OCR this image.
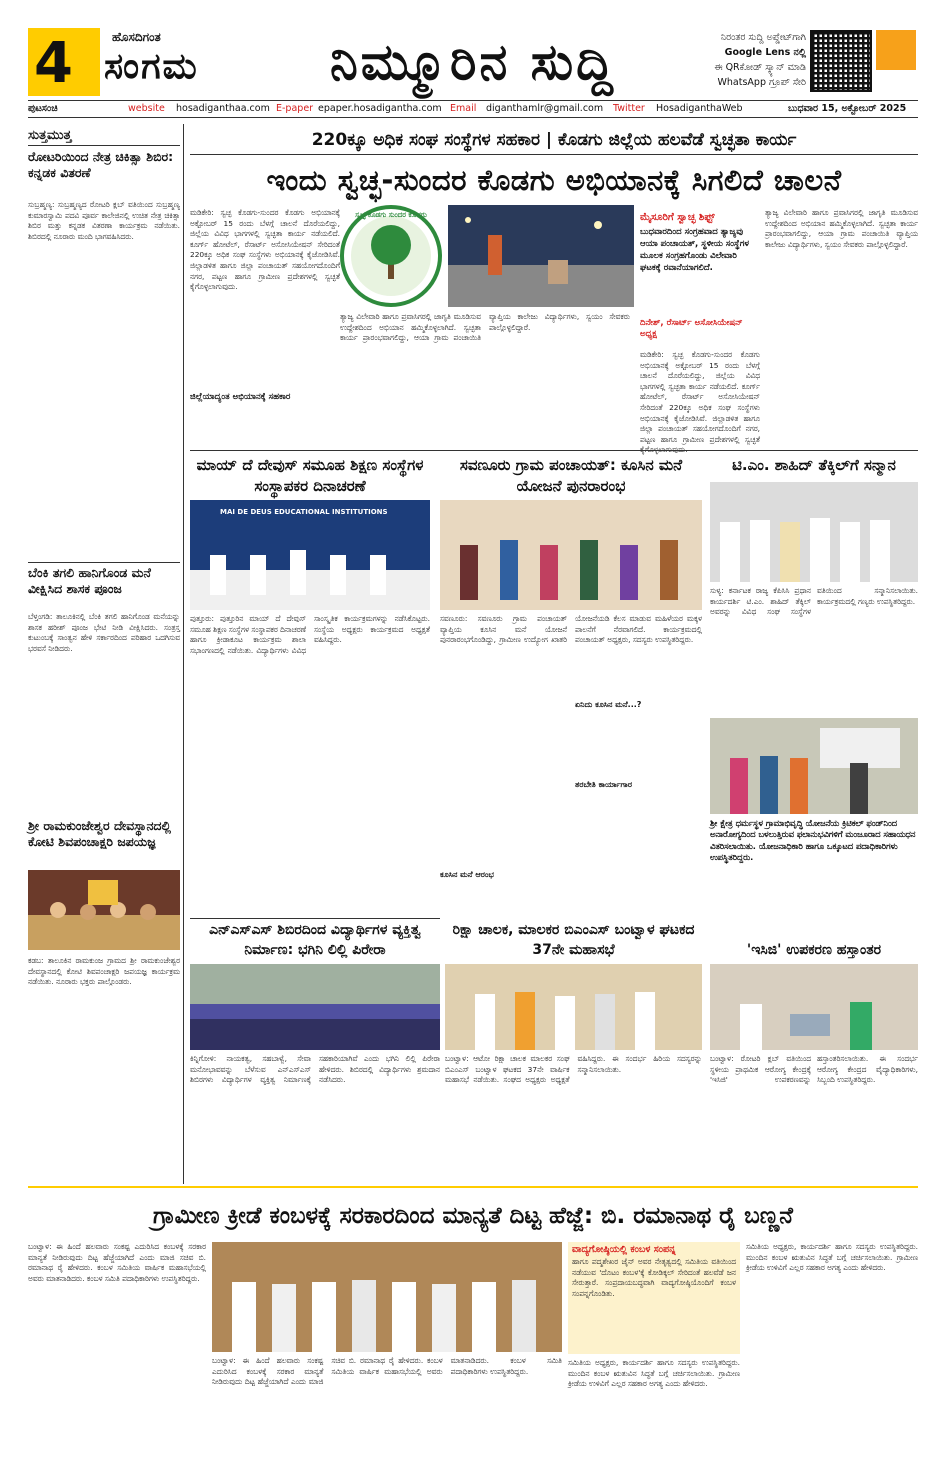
4	ಹೊಸದಿಗಂತ
ಸಂಗಮ	ನಿಮ್ಮೂರಿನ ಸುದ್ದಿ	ನಿರಂತರ ಸುದ್ದಿ ಅಪ್ಡೇಟ್‌ಗಾಗಿ
Google Lens ನಲ್ಲಿ
ಈ QRಕೋಡ್ ಸ್ಕ್ಯಾನ್ ಮಾಡಿ
WhatsApp ಗ್ರೂಪ್ ಸೇರಿ
ಪುಟಸಂಚಿ	website hosadiganthaa.com E-paper epaper.hosadigantha.com Email diganthamlr@gmail.com Twitter HosadiganthaWeb	ಬುಧವಾರ 15, ಅಕ್ಟೋಬರ್ 2025
ಸುತ್ತಮುತ್ತ
ರೋಟರಿಯಿಂದ ನೇತ್ರ ಚಿಕಿತ್ಸಾ ಶಿಬಿರ: ಕನ್ನಡಕ ವಿತರಣೆ
ಸುಬ್ರಹ್ಮಣ್ಯ: ಸುಬ್ರಹ್ಮಣ್ಯದ ರೋಟರಿ ಕ್ಲಬ್ ವತಿಯಿಂದ ಸುಬ್ರಹ್ಮಣ್ಯ ಕುಮಾರಸ್ವಾಮಿ ಪದವಿ ಪೂರ್ವ ಕಾಲೇಜಿನಲ್ಲಿ ಉಚಿತ ನೇತ್ರ ಚಿಕಿತ್ಸಾ ಶಿಬಿರ ಮತ್ತು ಕನ್ನಡಕ ವಿತರಣಾ ಕಾರ್ಯಕ್ರಮ ನಡೆಯಿತು. ಶಿಬಿರದಲ್ಲಿ ನೂರಾರು ಮಂದಿ ಭಾಗವಹಿಸಿದರು.
ಬೆಂಕಿ ತಗಲಿ ಹಾನಿಗೊಂಡ ಮನೆ ವೀಕ್ಷಿಸಿದ ಶಾಸಕ ಪೂಂಜ
ಬೆಳ್ತಂಗಡಿ: ತಾಲೂಕಿನಲ್ಲಿ ಬೆಂಕಿ ತಗಲಿ ಹಾನಿಗೊಂಡ ಮನೆಯನ್ನು ಶಾಸಕ ಹರೀಶ್ ಪೂಂಜ ಭೇಟಿ ನೀಡಿ ವೀಕ್ಷಿಸಿದರು. ಸಂತ್ರಸ್ತ ಕುಟುಂಬಕ್ಕೆ ಸಾಂತ್ವನ ಹೇಳಿ ಸರ್ಕಾರದಿಂದ ಪರಿಹಾರ ಒದಗಿಸುವ ಭರವಸೆ ನೀಡಿದರು.
ಶ್ರೀ ರಾಮಕುಂಜೇಶ್ವರ ದೇವಸ್ಥಾನದಲ್ಲಿ ಕೋಟಿ ಶಿವಪಂಚಾಕ್ಷರಿ ಜಪಯಜ್ಞ
ಕಡಬ: ತಾಲೂಕಿನ ರಾಮಕುಂಜ ಗ್ರಾಮದ ಶ್ರೀ ರಾಮಕುಂಜೇಶ್ವರ ದೇವಸ್ಥಾನದಲ್ಲಿ ಕೋಟಿ ಶಿವಪಂಚಾಕ್ಷರಿ ಜಪಯಜ್ಞ ಕಾರ್ಯಕ್ರಮ ನಡೆಯಿತು. ನೂರಾರು ಭಕ್ತರು ಪಾಲ್ಗೊಂಡರು.
220ಕ್ಕೂ ಅಧಿಕ ಸಂಘ ಸಂಸ್ಥೆಗಳ ಸಹಕಾರ | ಕೊಡಗು ಜಿಲ್ಲೆಯ ಹಲವೆಡೆ ಸ್ವಚ್ಛತಾ ಕಾರ್ಯ
ಇಂದು ಸ್ವಚ್ಛ-ಸುಂದರ ಕೊಡಗು ಅಭಿಯಾನಕ್ಕೆ ಸಿಗಲಿದೆ ಚಾಲನೆ
ಮಡಿಕೇರಿ: ಸ್ವಚ್ಛ ಕೊಡಗು-ಸುಂದರ ಕೊಡಗು ಅಭಿಯಾನಕ್ಕೆ ಅಕ್ಟೋಬರ್ 15 ರಂದು ಬೆಳಗ್ಗೆ ಚಾಲನೆ ದೊರೆಯಲಿದ್ದು, ಜಿಲ್ಲೆಯ ವಿವಿಧ ಭಾಗಗಳಲ್ಲಿ ಸ್ವಚ್ಛತಾ ಕಾರ್ಯ ನಡೆಯಲಿದೆ. ಕೂರ್ಗ್ ಹೋಟೆಲ್, ರೆಸಾರ್ಟ್ ಅಸೋಸಿಯೇಷನ್ ಸೇರಿದಂತೆ 220ಕ್ಕೂ ಅಧಿಕ ಸಂಘ ಸಂಸ್ಥೆಗಳು ಅಭಿಯಾನಕ್ಕೆ ಕೈಜೋಡಿಸಿವೆ. ಜಿಲ್ಲಾಡಳಿತ ಹಾಗೂ ಜಿಲ್ಲಾ ಪಂಚಾಯತ್ ಸಹಯೋಗದೊಂದಿಗೆ ನಗರ, ಪಟ್ಟಣ ಹಾಗೂ ಗ್ರಾಮೀಣ ಪ್ರದೇಶಗಳಲ್ಲಿ ಸ್ವಚ್ಛತೆ ಕೈಗೊಳ್ಳಲಾಗುವುದು.
ಸ್ವಚ್ಛ ಕೊಡಗು ಸುಂದರ ಕೊಡಗು
ತ್ಯಾಜ್ಯ ವಿಲೇವಾರಿ ಹಾಗೂ ಪ್ರವಾಸಿಗರಲ್ಲಿ ಜಾಗೃತಿ ಮೂಡಿಸುವ ಉದ್ದೇಶದಿಂದ ಅಭಿಯಾನ ಹಮ್ಮಿಕೊಳ್ಳಲಾಗಿದೆ. ಸ್ವಚ್ಛತಾ ಕಾರ್ಯ ಪ್ರಾರಂಭವಾಗಲಿದ್ದು, ಆಯಾ ಗ್ರಾಮ ಪಂಚಾಯಿತಿ ವ್ಯಾಪ್ತಿಯ ಕಾಲೇಜು ವಿದ್ಯಾರ್ಥಿಗಳು, ಸ್ವಯಂ ಸೇವಕರು ಪಾಲ್ಗೊಳ್ಳಲಿದ್ದಾರೆ.
ಮೈಸೂರಿಗೆ ಸ್ವಾಚ್ಛ ಶಿಫ್ಟ್
ಬುಧವಾರದಿಂದ ಸಂಗ್ರಹವಾದ ತ್ಯಾಜ್ಯವು ಆಯಾ ಪಂಚಾಯತ್, ಸ್ಥಳೀಯ ಸಂಸ್ಥೆಗಳ ಮೂಲಕ ಸಂಗ್ರಹಗೊಂಡು ವಿಲೇವಾರಿ ಘಟಕಕ್ಕೆ ರವಾನೆಯಾಗಲಿದೆ.
ದಿನೇಶ್, ರೆಸಾರ್ಟ್ ಅಸೋಸಿಯೇಷನ್ ಅಧ್ಯಕ್ಷ
ತ್ಯಾಜ್ಯ ವಿಲೇವಾರಿ ಹಾಗೂ ಪ್ರವಾಸಿಗರಲ್ಲಿ ಜಾಗೃತಿ ಮೂಡಿಸುವ ಉದ್ದೇಶದಿಂದ ಅಭಿಯಾನ ಹಮ್ಮಿಕೊಳ್ಳಲಾಗಿದೆ. ಸ್ವಚ್ಛತಾ ಕಾರ್ಯ ಪ್ರಾರಂಭವಾಗಲಿದ್ದು, ಆಯಾ ಗ್ರಾಮ ಪಂಚಾಯಿತಿ ವ್ಯಾಪ್ತಿಯ ಕಾಲೇಜು ವಿದ್ಯಾರ್ಥಿಗಳು, ಸ್ವಯಂ ಸೇವಕರು ಪಾಲ್ಗೊಳ್ಳಲಿದ್ದಾರೆ.
ಮಡಿಕೇರಿ: ಸ್ವಚ್ಛ ಕೊಡಗು-ಸುಂದರ ಕೊಡಗು ಅಭಿಯಾನಕ್ಕೆ ಅಕ್ಟೋಬರ್ 15 ರಂದು ಬೆಳಗ್ಗೆ ಚಾಲನೆ ದೊರೆಯಲಿದ್ದು, ಜಿಲ್ಲೆಯ ವಿವಿಧ ಭಾಗಗಳಲ್ಲಿ ಸ್ವಚ್ಛತಾ ಕಾರ್ಯ ನಡೆಯಲಿದೆ. ಕೂರ್ಗ್ ಹೋಟೆಲ್, ರೆಸಾರ್ಟ್ ಅಸೋಸಿಯೇಷನ್ ಸೇರಿದಂತೆ 220ಕ್ಕೂ ಅಧಿಕ ಸಂಘ ಸಂಸ್ಥೆಗಳು ಅಭಿಯಾನಕ್ಕೆ ಕೈಜೋಡಿಸಿವೆ. ಜಿಲ್ಲಾಡಳಿತ ಹಾಗೂ ಜಿಲ್ಲಾ ಪಂಚಾಯತ್ ಸಹಯೋಗದೊಂದಿಗೆ ನಗರ, ಪಟ್ಟಣ ಹಾಗೂ ಗ್ರಾಮೀಣ ಪ್ರದೇಶಗಳಲ್ಲಿ ಸ್ವಚ್ಛತೆ
ಜಿಲ್ಲೆಯಾದ್ಯಂತ ಅಭಿಯಾನಕ್ಕೆ ಸಹಕಾರ
ಮಾಯ್ ದೆ ದೇವುಸ್ ಸಮೂಹ ಶಿಕ್ಷಣ ಸಂಸ್ಥೆಗಳ ಸಂಸ್ಥಾಪಕರ ದಿನಾಚರಣೆ
MAI DE DEUS EDUCATIONAL INSTITUTIONS
ಪುತ್ತೂರು: ಪುತ್ತೂರಿನ ಮಾಯ್ ದೆ ದೇವುಸ್ ಸಮೂಹ ಶಿಕ್ಷಣ ಸಂಸ್ಥೆಗಳ ಸಂಸ್ಥಾಪಕರ ದಿನಾಚರಣೆ ಹಾಗೂ ಕ್ರೀಡಾಕೂಟ ಕಾರ್ಯಕ್ರಮ ಶಾಲಾ ಸಭಾಂಗಣದಲ್ಲಿ ನಡೆಯಿತು. ವಿದ್ಯಾರ್ಥಿಗಳು ವಿವಿಧ ಸಾಂಸ್ಕೃತಿಕ ಕಾರ್ಯಕ್ರಮಗಳನ್ನು ನಡೆಸಿಕೊಟ್ಟರು. ಸಂಸ್ಥೆಯ ಅಧ್ಯಕ್ಷರು ಕಾರ್ಯಕ್ರಮದ ಅಧ್ಯಕ್ಷತೆ ವಹಿಸಿದ್ದರು.
ಸವಣೂರು ಗ್ರಾಮ ಪಂಚಾಯತ್: ಕೂಸಿನ ಮನೆ ಯೋಜನೆ ಪುನರಾರಂಭ
ಸವಣೂರು: ಸವಣೂರು ಗ್ರಾಮ ಪಂಚಾಯತ್ ವ್ಯಾಪ್ತಿಯ ಕೂಸಿನ ಮನೆ ಯೋಜನೆ ಪುನರಾರಂಭಗೊಂಡಿದ್ದು, ಗ್ರಾಮೀಣ ಉದ್ಯೋಗ ಖಾತರಿ ಯೋಜನೆಯಡಿ ಕೆಲಸ ಮಾಡುವ ಮಹಿಳೆಯರ ಮಕ್ಕಳ ಪಾಲನೆಗೆ ನೆರವಾಗಲಿದೆ. ಕಾರ್ಯಕ್ರಮದಲ್ಲಿ ಪಂಚಾಯತ್ ಅಧ್ಯಕ್ಷರು, ಸದಸ್ಯರು ಉಪಸ್ಥಿತರಿದ್ದರು.
ಏನಿದು ಕೂಸಿನ ಮನೆ...?
ತರಬೇತಿ ಕಾರ್ಯಾಗಾರ
ಕೂಸಿನ ಮನೆ ಆರಂಭ
ಟಿ.ಎಂ. ಶಾಹಿದ್ ತೆಕ್ಕಿಲ್‌ಗೆ ಸನ್ಮಾನ
ಸುಳ್ಯ: ಕರ್ನಾಟಕ ರಾಜ್ಯ ಕೆಪಿಸಿಸಿ ಪ್ರಧಾನ ಕಾರ್ಯದರ್ಶಿ ಟಿ.ಎಂ. ಶಾಹಿದ್ ತೆಕ್ಕಿಲ್ ಅವರನ್ನು ವಿವಿಧ ಸಂಘ ಸಂಸ್ಥೆಗಳ ವತಿಯಿಂದ ಸನ್ಮಾನಿಸಲಾಯಿತು. ಕಾರ್ಯಕ್ರಮದಲ್ಲಿ ಗಣ್ಯರು ಉಪಸ್ಥಿತರಿದ್ದರು.
ಶ್ರೀ ಕ್ಷೇತ್ರ ಧರ್ಮಸ್ಥಳ ಗ್ರಾಮಾಭಿವೃದ್ಧಿ ಯೋಜನೆಯ ಕ್ರಿಟಿಕಲ್ ಫಂಡ್‌ನಿಂದ ಅನಾರೋಗ್ಯದಿಂದ ಬಳಲುತ್ತಿರುವ ಫಲಾನುಭವಿಗಳಿಗೆ ಮಂಜೂರಾದ ಸಹಾಯಧನ ವಿತರಿಸಲಾಯಿತು. ಯೋಜನಾಧಿಕಾರಿ ಹಾಗೂ ಒಕ್ಕೂಟದ ಪದಾಧಿಕಾರಿಗಳು ಉಪಸ್ಥಿತರಿದ್ದರು.
ಎನ್ಎಸ್ಎಸ್ ಶಿಬಿರದಿಂದ ವಿದ್ಯಾರ್ಥಿಗಳ ವ್ಯಕ್ತಿತ್ವ ನಿರ್ಮಾಣ: ಭಗಿನಿ ಲಿಲ್ಲಿ ಪಿರೇರಾ
ಕಿನ್ನಿಗೋಳಿ: ನಾಯಕತ್ವ, ಸಹಬಾಳ್ವೆ, ಸೇವಾ ಮನೋಭಾವವನ್ನು ಬೆಳೆಸುವ ಎನ್ಎಸ್ಎಸ್ ಶಿಬಿರಗಳು ವಿದ್ಯಾರ್ಥಿಗಳ ವ್ಯಕ್ತಿತ್ವ ನಿರ್ಮಾಣಕ್ಕೆ ಸಹಕಾರಿಯಾಗಿವೆ ಎಂದು ಭಗಿನಿ ಲಿಲ್ಲಿ ಪಿರೇರಾ ಹೇಳಿದರು. ಶಿಬಿರದಲ್ಲಿ ವಿದ್ಯಾರ್ಥಿಗಳು ಶ್ರಮದಾನ ನಡೆಸಿದರು.
ರಿಕ್ಷಾ ಚಾಲಕ, ಮಾಲಕರ ಬಿಎಂಎಸ್ ಬಂಟ್ವಾಳ ಘಟಕದ 37ನೇ ಮಹಾಸಭೆ
ಬಂಟ್ವಾಳ: ಆಟೋ ರಿಕ್ಷಾ ಚಾಲಕ ಮಾಲಕರ ಸಂಘ ಬಿಎಂಎಸ್ ಬಂಟ್ವಾಳ ಘಟಕದ 37ನೇ ವಾರ್ಷಿಕ ಮಹಾಸಭೆ ನಡೆಯಿತು. ಸಂಘದ ಅಧ್ಯಕ್ಷರು ಅಧ್ಯಕ್ಷತೆ ವಹಿಸಿದ್ದರು. ಈ ಸಂದರ್ಭ ಹಿರಿಯ ಸದಸ್ಯರನ್ನು ಸನ್ಮಾನಿಸಲಾಯಿತು.
'ಇಸಿಜಿ' ಉಪಕರಣ ಹಸ್ತಾಂತರ
ಬಂಟ್ವಾಳ: ರೋಟರಿ ಕ್ಲಬ್ ವತಿಯಿಂದ ಸ್ಥಳೀಯ ಪ್ರಾಥಮಿಕ ಆರೋಗ್ಯ ಕೇಂದ್ರಕ್ಕೆ 'ಇಸಿಜಿ' ಉಪಕರಣವನ್ನು ಹಸ್ತಾಂತರಿಸಲಾಯಿತು. ಈ ಸಂದರ್ಭ ಆರೋಗ್ಯ ಕೇಂದ್ರದ ವೈದ್ಯಾಧಿಕಾರಿಗಳು, ಸಿಬ್ಬಂದಿ ಉಪಸ್ಥಿತರಿದ್ದರು.
ಗ್ರಾಮೀಣ ಕ್ರೀಡೆ ಕಂಬಳಕ್ಕೆ ಸರಕಾರದಿಂದ ಮಾನ್ಯತೆ ದಿಟ್ಟ ಹೆಜ್ಜೆ: ಬಿ. ರಮಾನಾಥ ರೈ ಬಣ್ಣನೆ
ಬಂಟ್ವಾಳ: ಈ ಹಿಂದೆ ಹಲವಾರು ಸಂಕಷ್ಟ ಎದುರಿಸಿದ ಕಂಬಳಕ್ಕೆ ಸರಕಾರ ಮಾನ್ಯತೆ ನೀಡಿರುವುದು ದಿಟ್ಟ ಹೆಜ್ಜೆಯಾಗಿದೆ ಎಂದು ಮಾಜಿ ಸಚಿವ ಬಿ. ರಮಾನಾಥ ರೈ ಹೇಳಿದರು. ಕಂಬಳ ಸಮಿತಿಯ ವಾರ್ಷಿಕ ಮಹಾಸಭೆಯಲ್ಲಿ ಅವರು ಮಾತನಾಡಿದರು. ಕಂಬಳ ಸಮಿತಿ ಪದಾಧಿಕಾರಿಗಳು ಉಪಸ್ಥಿತರಿದ್ದರು.
ಬಂಟ್ವಾಳ: ಈ ಹಿಂದೆ ಹಲವಾರು ಸಂಕಷ್ಟ ಎದುರಿಸಿದ ಕಂಬಳಕ್ಕೆ ಸರಕಾರ ಮಾನ್ಯತೆ ನೀಡಿರುವುದು ದಿಟ್ಟ ಹೆಜ್ಜೆಯಾಗಿದೆ ಎಂದು ಮಾಜಿ ಸಚಿವ ಬಿ. ರಮಾನಾಥ ರೈ ಹೇಳಿದರು. ಕಂಬಳ ಸಮಿತಿಯ ವಾರ್ಷಿಕ ಮಹಾಸಭೆಯಲ್ಲಿ ಅವರು ಮಾತನಾಡಿದರು. ಕಂಬಳ ಸಮಿತಿ ಪದಾಧಿಕಾರಿಗಳು ಉಪಸ್ಥಿತರಿದ್ದರು.
ವಾದ್ಯಗೋಷ್ಠಿಯಲ್ಲಿ ಕಂಬಳ ಸಂಪನ್ನ
ಹಾಗೂ ಪದ್ಮಶೇಖರ ಜೈನ್ ಅವರ ನೇತೃತ್ವದಲ್ಲಿ ಸಮಿತಿಯ ವತಿಯಿಂದ ನಡೆಯುವ 'ದೊಟಂ ಕಂಬಳ'ಕ್ಕೆ ಕೋಡಿಕ್ಕಲ್ ಸೇರಿದಂತೆ ಹಲವೆಡೆ ಜನ ಸೇರುತ್ತಾರೆ. ಸಂಪ್ರದಾಯಬದ್ಧವಾಗಿ ವಾದ್ಯಗೋಷ್ಠಿಯೊಂದಿಗೆ ಕಂಬಳ ಸಂಪನ್ನಗೊಂಡಿತು.
ಸಮಿತಿಯ ಅಧ್ಯಕ್ಷರು, ಕಾರ್ಯದರ್ಶಿ ಹಾಗೂ ಸದಸ್ಯರು ಉಪಸ್ಥಿತರಿದ್ದರು. ಮುಂದಿನ ಕಂಬಳ ಋತುವಿನ ಸಿದ್ಧತೆ ಬಗ್ಗೆ ಚರ್ಚಿಸಲಾಯಿತು. ಗ್ರಾಮೀಣ ಕ್ರೀಡೆಯ ಉಳಿವಿಗೆ ಎಲ್ಲರ ಸಹಕಾರ ಅಗತ್ಯ ಎಂದು ಹೇಳಿದರು.
ಸಮಿತಿಯ ಅಧ್ಯಕ್ಷರು, ಕಾರ್ಯದರ್ಶಿ ಹಾಗೂ ಸದಸ್ಯರು ಉಪಸ್ಥಿತರಿದ್ದರು. ಮುಂದಿನ ಕಂಬಳ ಋತುವಿನ ಸಿದ್ಧತೆ ಬಗ್ಗೆ ಚರ್ಚಿಸಲಾಯಿತು. ಗ್ರಾಮೀಣ ಕ್ರೀಡೆಯ ಉಳಿವಿಗೆ ಎಲ್ಲರ ಸಹಕಾರ ಅಗತ್ಯ ಎಂದು ಹೇಳಿದರು.
